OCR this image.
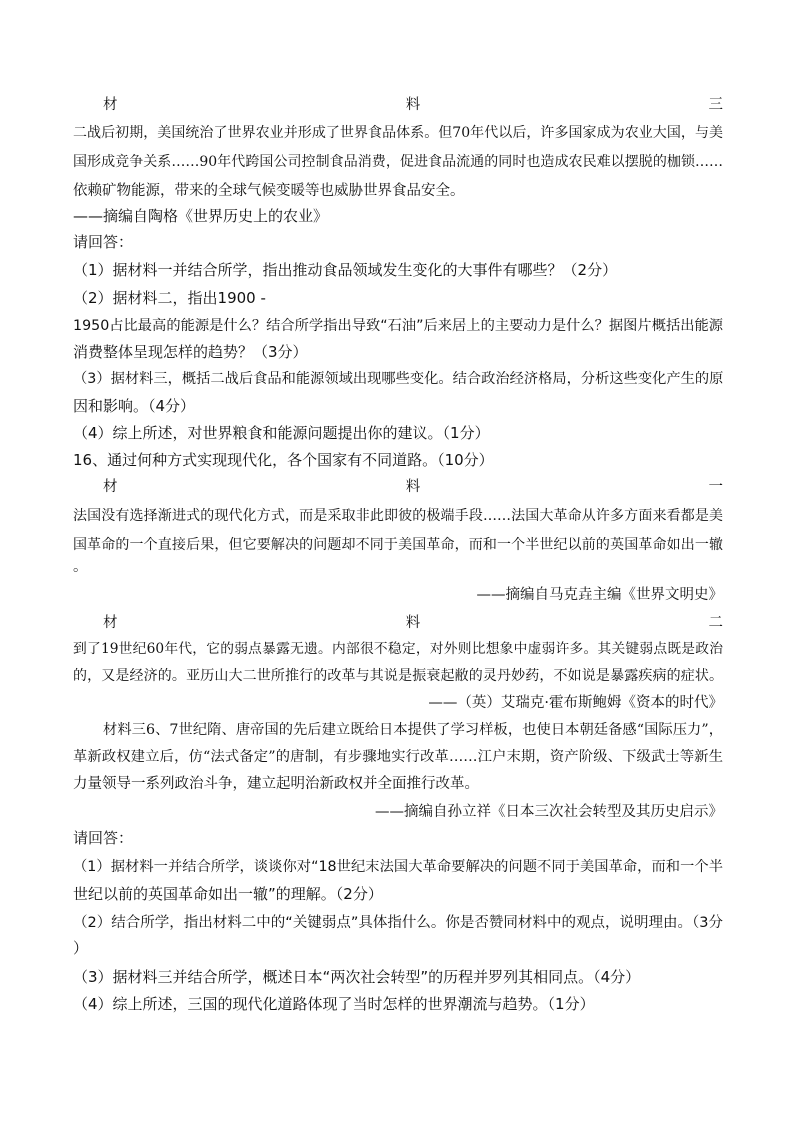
材	料	三
二战后初期，美国统治了世界农业并形成了世界食品体系。但70年代以后，许多国家成为农业大国，与美
国形成竞争关系……90年代跨国公司控制食品消费，促进食品流通的同时也造成农民难以摆脱的枷锁……
依赖矿物能源，带来的全球气候变暖等也威胁世界食品安全。
——摘编自陶格《世界历史上的农业》
请回答：
（1）据材料一并结合所学，指出推动食品领域发生变化的大事件有哪些？（2分）
（2）据材料二，指出1900 -
1950占比最高的能源是什么？结合所学指出导致“石油”后来居上的主要动力是什么？据图片概括出能源
消费整体呈现怎样的趋势？（3分）
（3）据材料三，概括二战后食品和能源领域出现哪些变化。结合政治经济格局，分析这些变化产生的原
因和影响。（4分）
（4）综上所述，对世界粮食和能源问题提出你的建议。（1分）
16、通过何种方式实现现代化，各个国家有不同道路。（10分）
材	料	一
法国没有选择渐进式的现代化方式，而是采取非此即彼的极端手段……法国大革命从许多方面来看都是美
国革命的一个直接后果，但它要解决的问题却不同于美国革命，而和一个半世纪以前的英国革命如出一辙
。
——摘编自马克垚主编《世界文明史》
材	料	二
到了19世纪60年代，它的弱点暴露无遗。内部很不稳定，对外则比想象中虚弱许多。其关键弱点既是政治
的，又是经济的。亚历山大二世所推行的改革与其说是振衰起敝的灵丹妙药，不如说是暴露疾病的症状。
——（英）艾瑞克·霍布斯鲍姆《资本的时代》
材料三6、7世纪隋、唐帝国的先后建立既给日本提供了学习样板，也使日本朝廷备感“国际压力”，
革新政权建立后，仿“法式备定”的唐制，有步骤地实行改革……江户末期，资产阶级、下级武士等新生
力量领导一系列政治斗争，建立起明治新政权并全面推行改革。
——摘编自孙立祥《日本三次社会转型及其历史启示》
请回答：
（1）据材料一并结合所学，谈谈你对“18世纪末法国大革命要解决的问题不同于美国革命，而和一个半
世纪以前的英国革命如出一辙”的理解。（2分）
（2）结合所学，指出材料二中的“关键弱点”具体指什么。你是否赞同材料中的观点，说明理由。（3分
）
（3）据材料三并结合所学，概述日本“两次社会转型”的历程并罗列其相同点。（4分）
（4）综上所述，三国的现代化道路体现了当时怎样的世界潮流与趋势。（1分）
